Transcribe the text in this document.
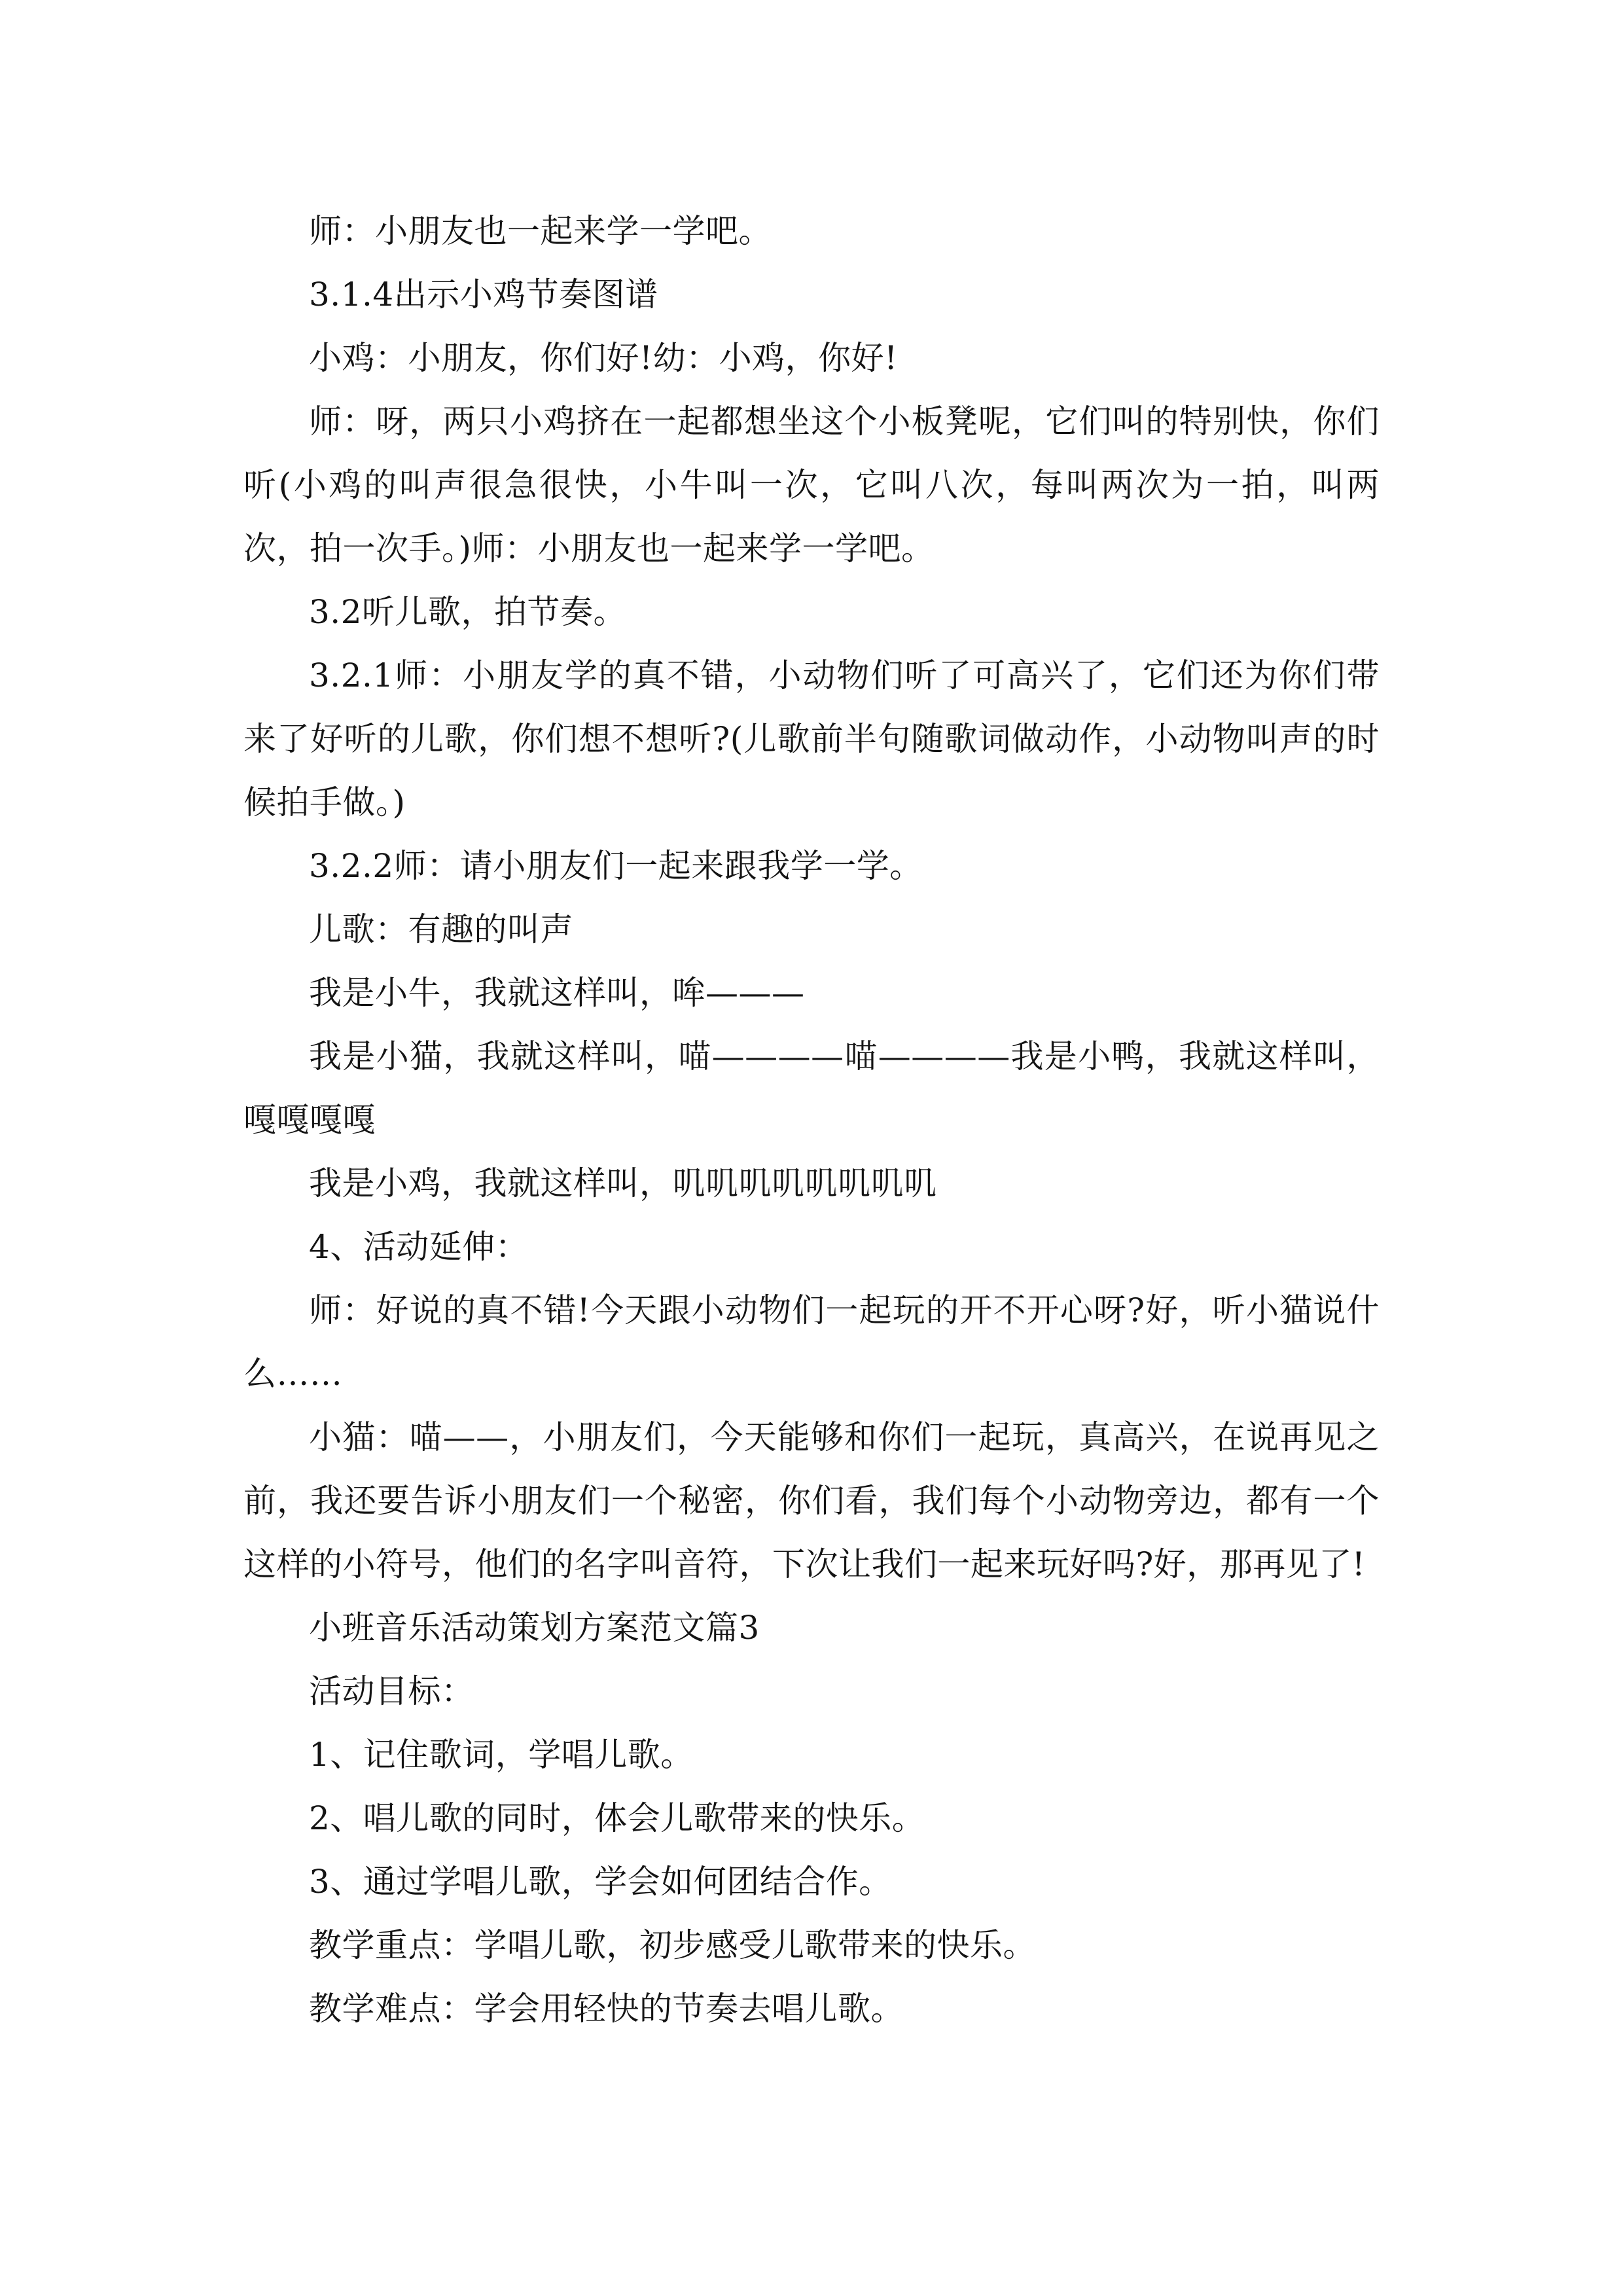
师：小朋友也一起来学一学吧。

3.1.4出示小鸡节奏图谱

小鸡：小朋友，你们好!幼：小鸡，你好!

师：呀，两只小鸡挤在一起都想坐这个小板凳呢，它们叫的特别快，你们听(小鸡的叫声很急很快，小牛叫一次，它叫八次，每叫两次为一拍，叫两次，拍一次手。)师：小朋友也一起来学一学吧。

3.2听儿歌，拍节奏。

3.2.1师：小朋友学的真不错，小动物们听了可高兴了，它们还为你们带来了好听的儿歌，你们想不想听?(儿歌前半句随歌词做动作，小动物叫声的时候拍手做。)

3.2.2师：请小朋友们一起来跟我学一学。

儿歌：有趣的叫声

我是小牛，我就这样叫，哞———

我是小猫，我就这样叫，喵————喵————我是小鸭，我就这样叫，嘎嘎嘎嘎

我是小鸡，我就这样叫，叽叽叽叽叽叽叽叽

4、活动延伸：

师：好说的真不错!今天跟小动物们一起玩的开不开心呀?好，听小猫说什么……

小猫：喵——，小朋友们，今天能够和你们一起玩，真高兴，在说再见之前，我还要告诉小朋友们一个秘密，你们看，我们每个小动物旁边，都有一个这样的小符号，他们的名字叫音符，下次让我们一起来玩好吗?好，那再见了!

小班音乐活动策划方案范文篇3

活动目标：

1、记住歌词，学唱儿歌。

2、唱儿歌的同时，体会儿歌带来的快乐。

3、通过学唱儿歌，学会如何团结合作。

教学重点：学唱儿歌，初步感受儿歌带来的快乐。

教学难点：学会用轻快的节奏去唱儿歌。
